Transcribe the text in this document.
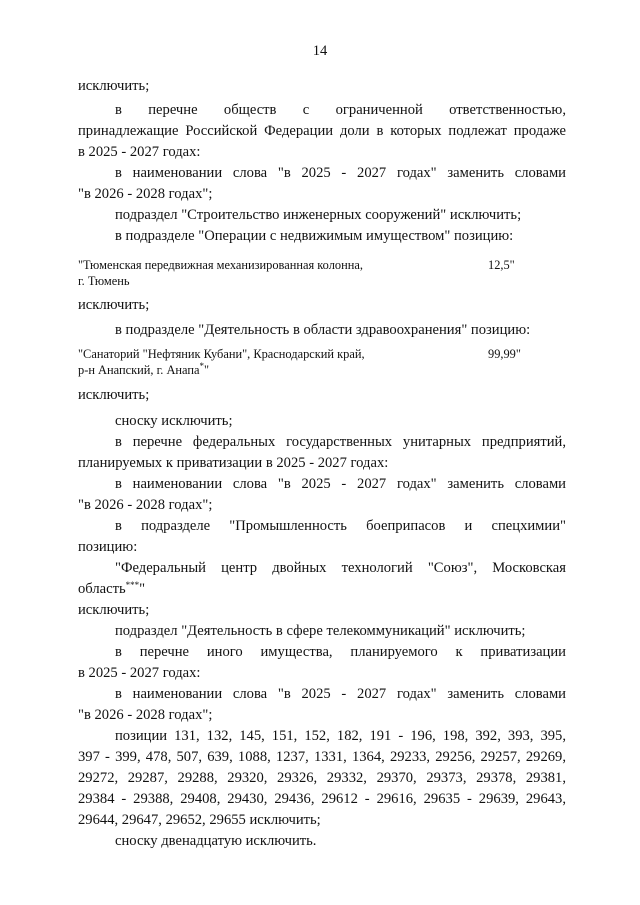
14
исключить;
в перечне обществ с ограниченной ответственностью,
принадлежащие Российской Федерации доли в которых подлежат продаже
в 2025 - 2027 годах:
в наименовании слова "в 2025 - 2027 годах" заменить словами
"в 2026 - 2028 годах";
подраздел "Строительство инженерных сооружений" исключить;
в подразделе "Операции с недвижимым имуществом" позицию:
"Тюменская передвижная механизированная колонна,	12,5"
г. Тюмень
исключить;
в подразделе "Деятельность в области здравоохранения" позицию:
"Санаторий "Нефтяник Кубани", Краснодарский край,	99,99"
р-н Анапский, г. Анапа*"
исключить;
сноску исключить;
в перечне федеральных государственных унитарных предприятий,
планируемых к приватизации в 2025 - 2027 годах:
в наименовании слова "в 2025 - 2027 годах" заменить словами
"в 2026 - 2028 годах";
в подразделе "Промышленность боеприпасов и спецхимии"
позицию:
"Федеральный центр двойных технологий "Союз", Московская
область***"
исключить;
подраздел "Деятельность в сфере телекоммуникаций" исключить;
в перечне иного имущества, планируемого к приватизации
в 2025 - 2027 годах:
в наименовании слова "в 2025 - 2027 годах" заменить словами
"в 2026 - 2028 годах";
позиции 131, 132, 145, 151, 152, 182, 191 - 196, 198, 392, 393, 395,
397 - 399, 478, 507, 639, 1088, 1237, 1331, 1364, 29233, 29256, 29257, 29269,
29272, 29287, 29288, 29320, 29326, 29332, 29370, 29373, 29378, 29381,
29384 - 29388, 29408, 29430, 29436, 29612 - 29616, 29635 - 29639, 29643,
29644, 29647, 29652, 29655 исключить;
сноску двенадцатую исключить.
